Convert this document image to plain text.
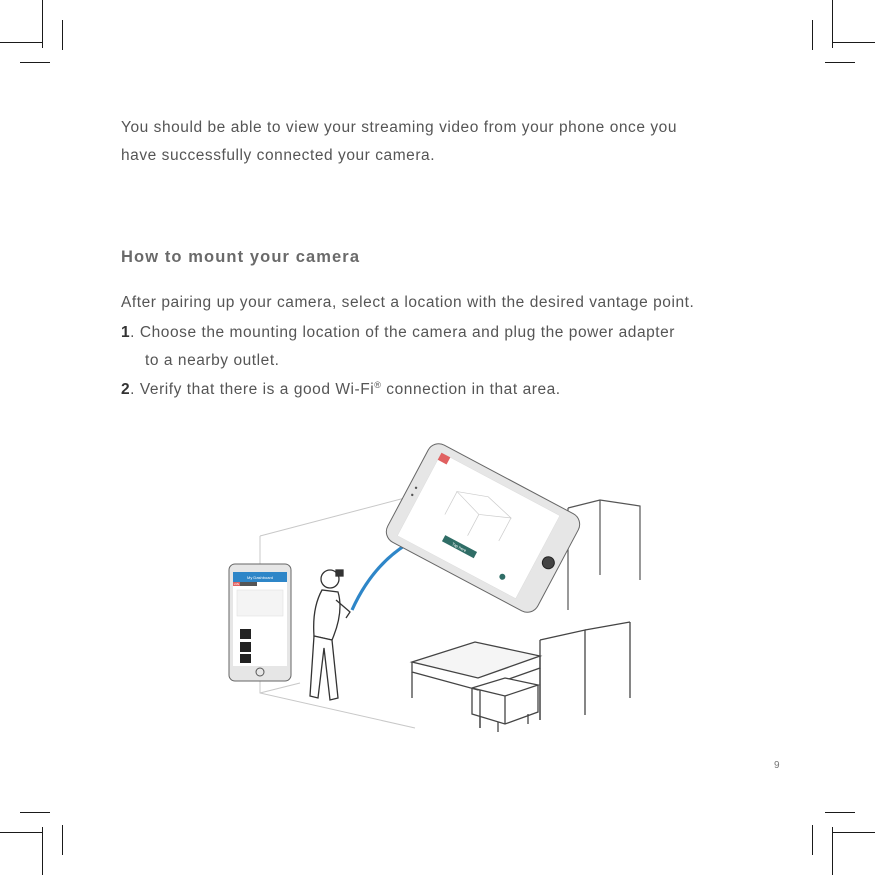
You should be able to view your streaming video from your phone once you
have successfully connected your camera.

How to mount your camera

After pairing up your camera, select a location with the desired vantage point.

1. Choose the mounting location of the camera and plug the power adapter
to a nearby outlet.

2. Verify that there is a good Wi-Fi® connection in that area.

My Dashboard
LIVE
Tap here
9
